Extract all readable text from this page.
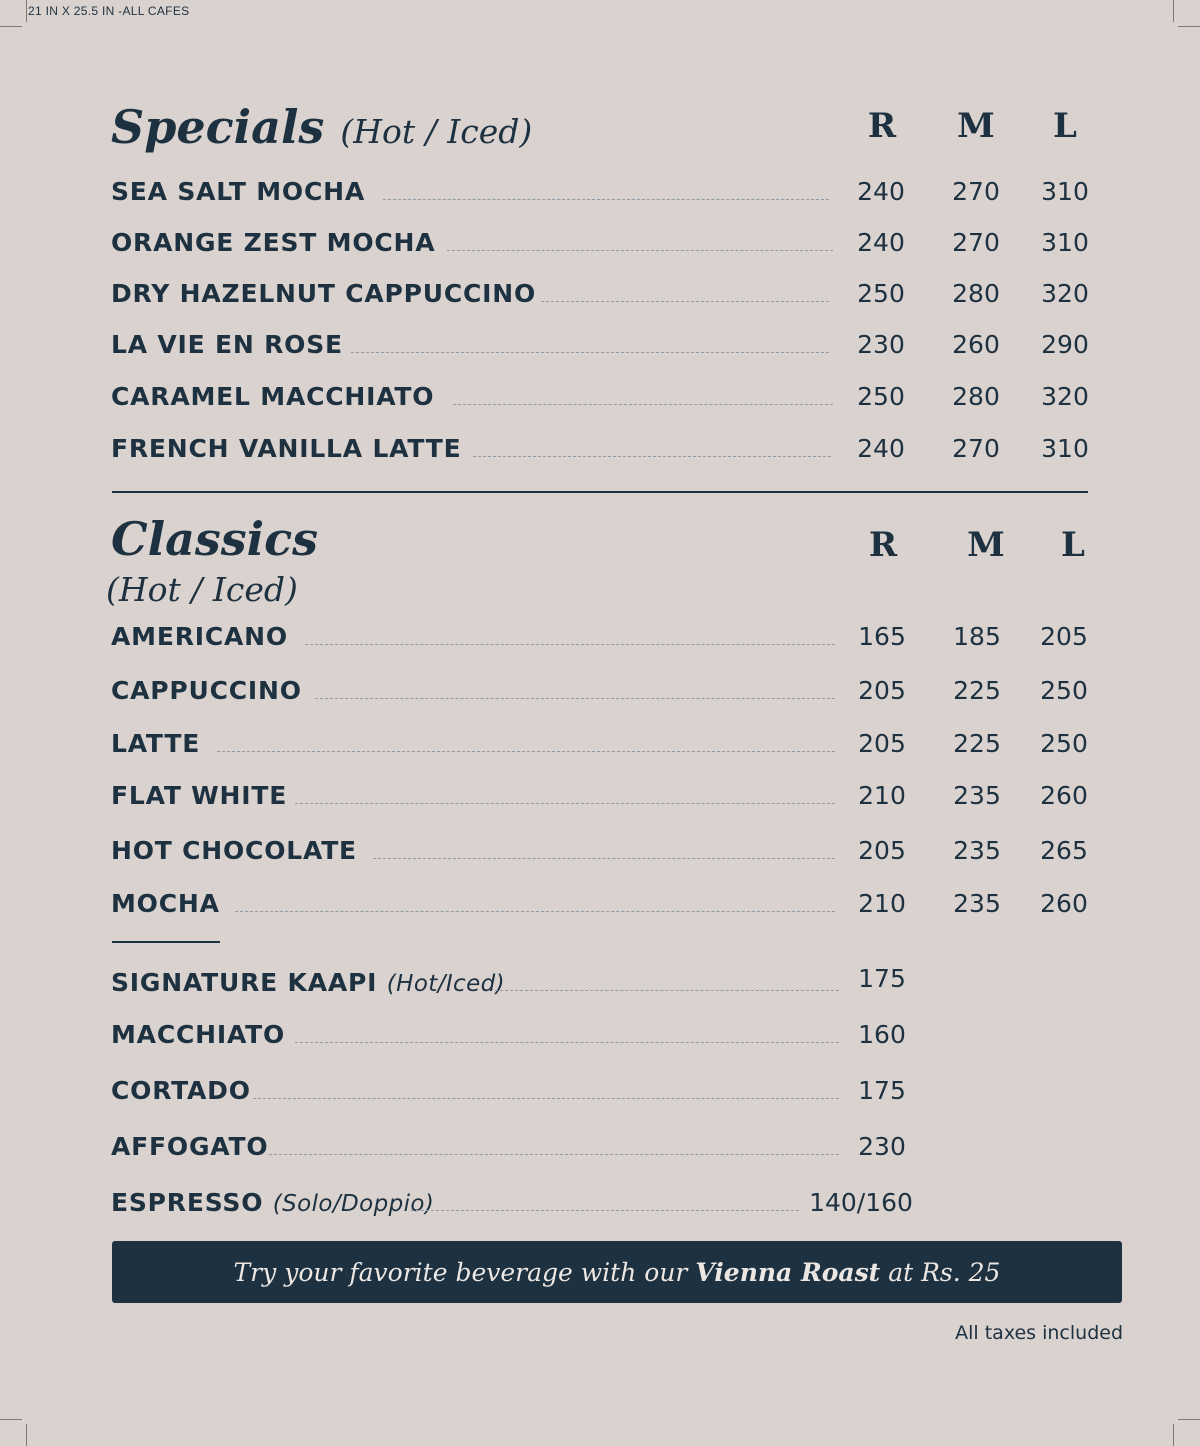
21 IN X 25.5 IN -ALL CAFES
Specials (Hot / Iced)	R	M	L
SEA SALT MOCHA	240	270	310
ORANGE ZEST MOCHA	240	270	310
DRY HAZELNUT CAPPUCCINO	250	280	320
LA VIE EN ROSE	230	260	290
CARAMEL MACCHIATO	250	280	320
FRENCH VANILLA LATTE	240	270	310
Classics
(Hot / Iced)
R	M	L
AMERICANO	165	185	205
CAPPUCCINO	205	225	250
LATTE	205	225	250
FLAT WHITE	210	235	260
HOT CHOCOLATE	205	235	265
MOCHA	210	235	260
SIGNATURE KAAPI (Hot/Iced)	175
MACCHIATO	160
CORTADO	175
AFFOGATO	230
ESPRESSO (Solo/Doppio)	140/160
Try your favorite beverage with our
Vienna Roast
at Rs. 25
All taxes included
